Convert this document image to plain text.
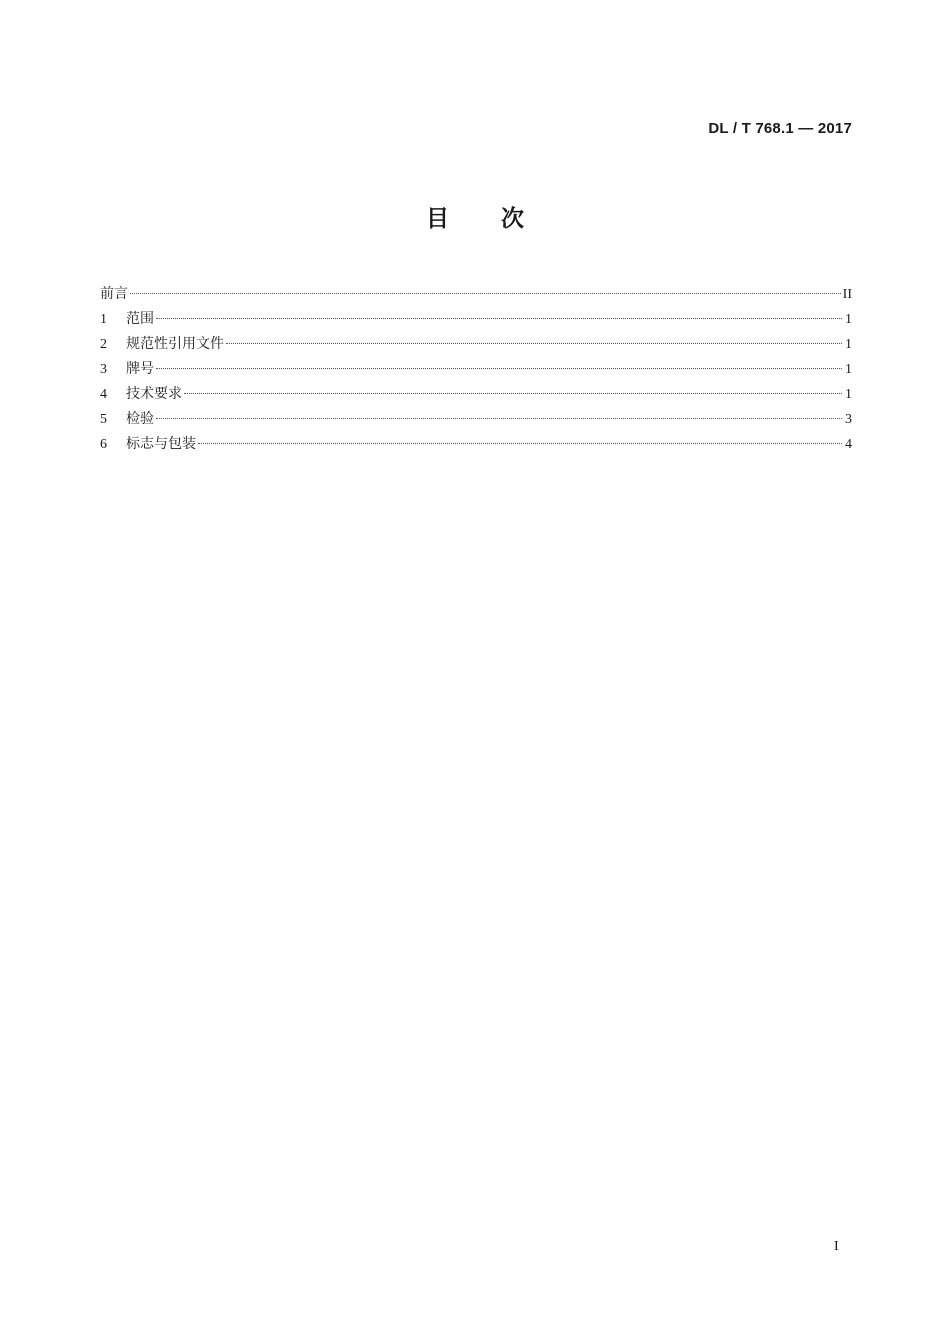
DL / T 768.1 — 2017
目 次
前言	II
1	范围	1
2	规范性引用文件	1
3	牌号	1
4	技术要求	1
5	检验	3
6	标志与包装	4
I
